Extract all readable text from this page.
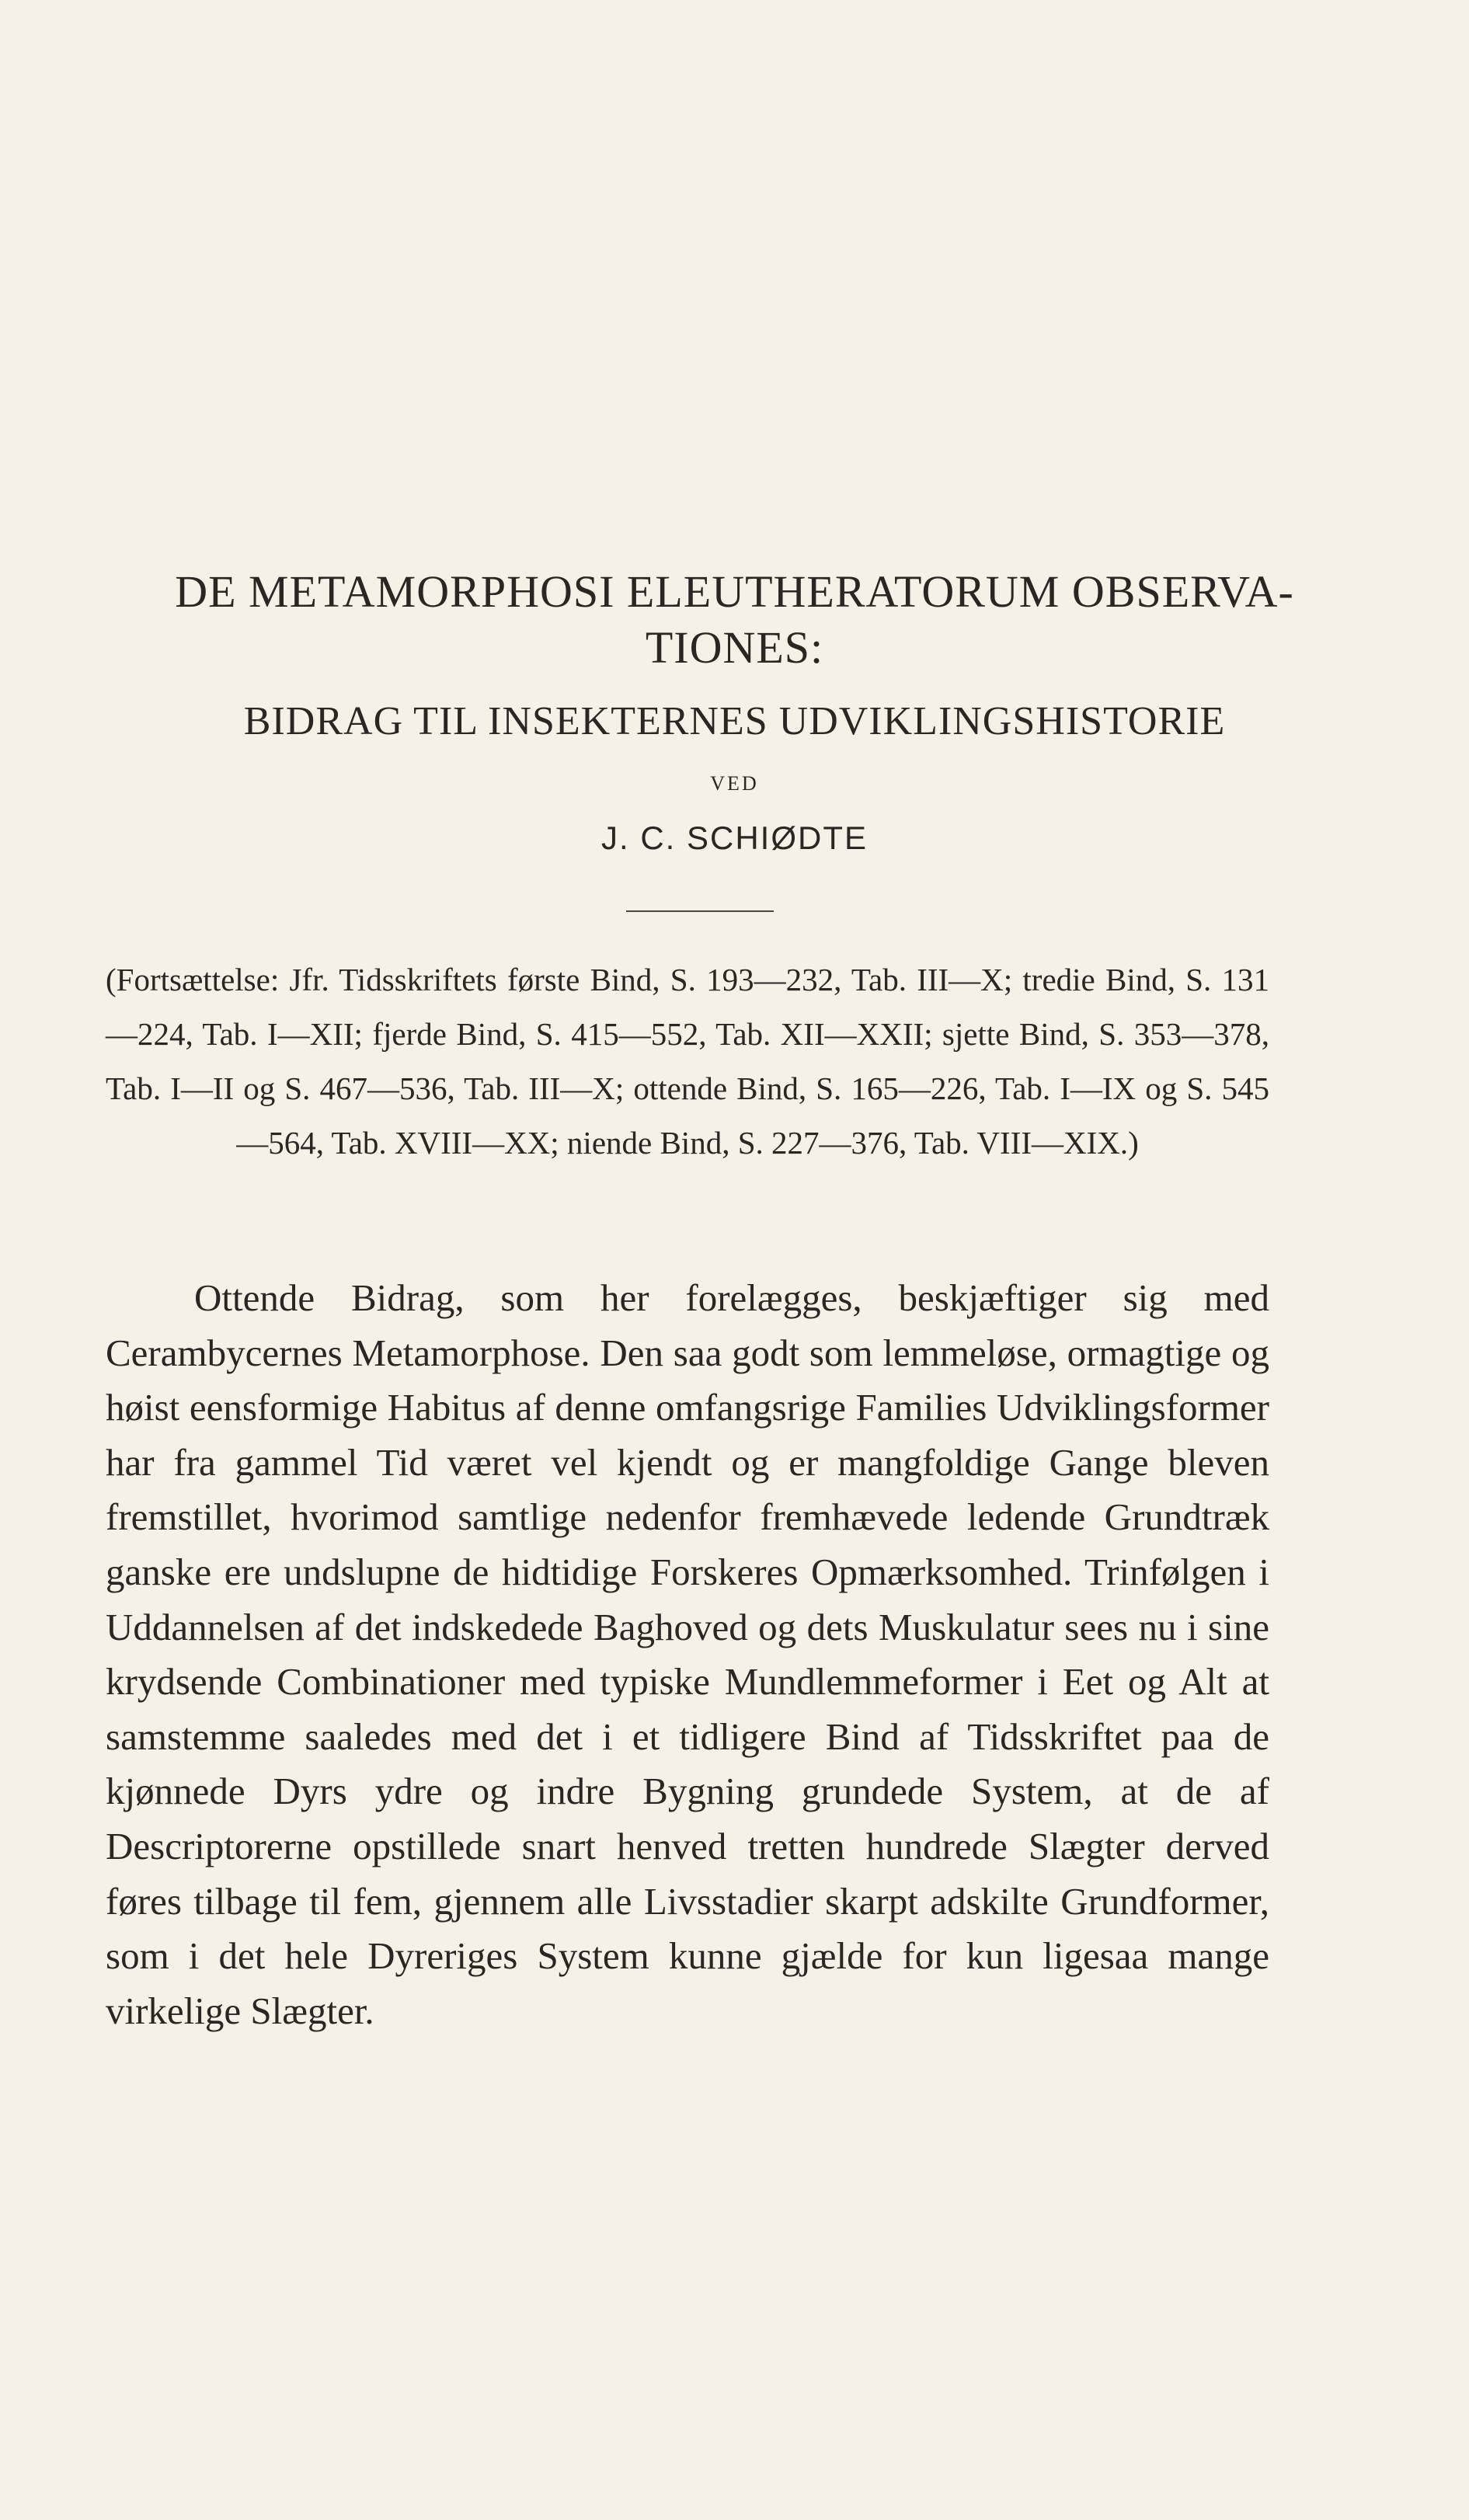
DE METAMORPHOSI ELEUTHERATORUM OBSERVA-
TIONES:
BIDRAG TIL INSEKTERNES UDVIKLINGSHISTORIE
VED
J. C. SCHIØDTE

(Fortsættelse: Jfr. Tidsskriftets første Bind, S. 193—232, Tab. III—X; tredie Bind, S. 131—224, Tab. I—XII; fjerde Bind, S. 415—552, Tab. XII—XXII; sjette Bind, S. 353—378, Tab. I—II og S. 467—536, Tab. III—X; ottende Bind, S. 165—226, Tab. I—IX og S. 545—564, Tab. XVIII—XX; niende Bind, S. 227—376, Tab. VIII—XIX.)

Ottende Bidrag, som her forelægges, beskjæftiger sig med Cerambycernes Metamorphose. Den saa godt som lemmeløse, ormagtige og høist eensformige Habitus af denne omfangsrige Families Udviklingsformer har fra gammel Tid været vel kjendt og er mangfoldige Gange bleven fremstillet, hvorimod samtlige nedenfor fremhævede ledende Grundtræk ganske ere undslupne de hidtidige Forskeres Opmærksomhed. Trinfølgen i Uddannelsen af det indskedede Baghoved og dets Muskulatur sees nu i sine krydsende Combinationer med typiske Mundlemmeformer i Eet og Alt at samstemme saaledes med det i et tidligere Bind af Tidsskriftet paa de kjønnede Dyrs ydre og indre Bygning grundede System, at de af Descriptorerne opstillede snart henved tretten hundrede Slægter derved føres tilbage til fem, gjennem alle Livsstadier skarpt adskilte Grundformer, som i det hele Dyreriges System kunne gjælde for kun ligesaa mange virkelige Slægter.
